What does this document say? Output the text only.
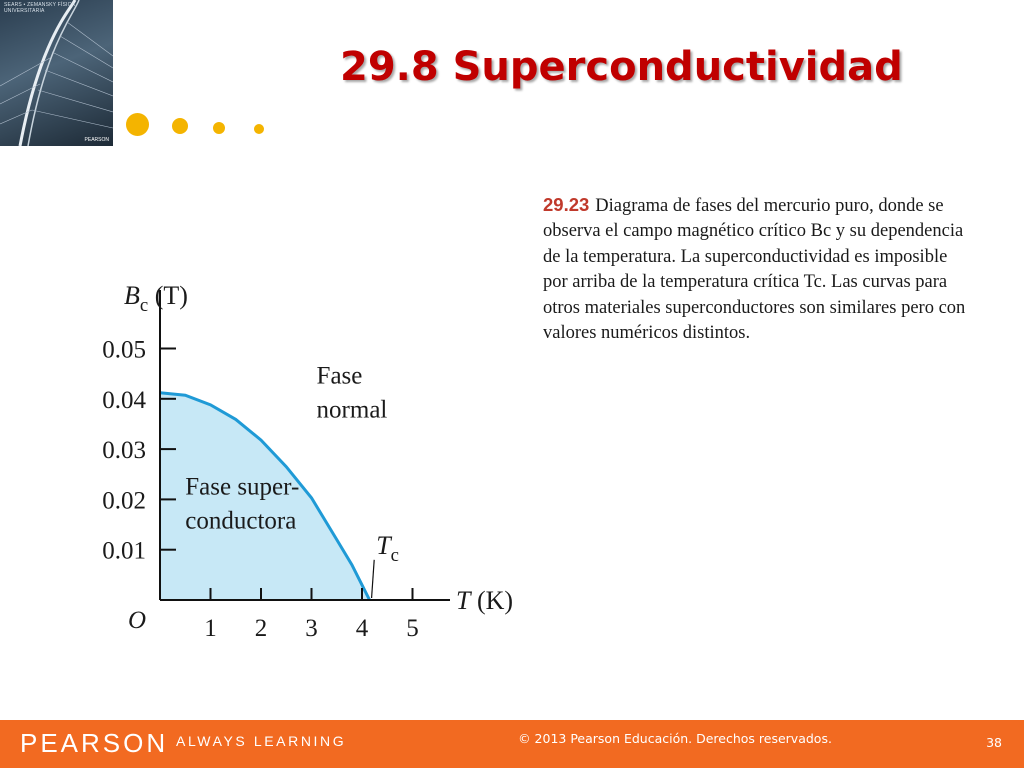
SEARS • ZEMANSKY FÍSICA UNIVERSITARIA
PEARSON
29.8 Superconductividad
29.23 Diagrama de fases del mercurio puro, donde se observa el campo magnético crítico Bc y su dependencia de la temperatura. La superconductividad es imposible por arriba de la temperatura crítica Tc. Las curvas para otros materiales superconductores son similares pero con valores numéricos distintos.
1 2 3 4 5
0.01
0.02
0.03
0.04
0.05
O
$B_c$ (T)
T (K)
Fase
normal
Fase super-
conductora
$T_c$
PEARSON ALWAYS LEARNING	© 2013 Pearson Educación. Derechos reservados.	38
